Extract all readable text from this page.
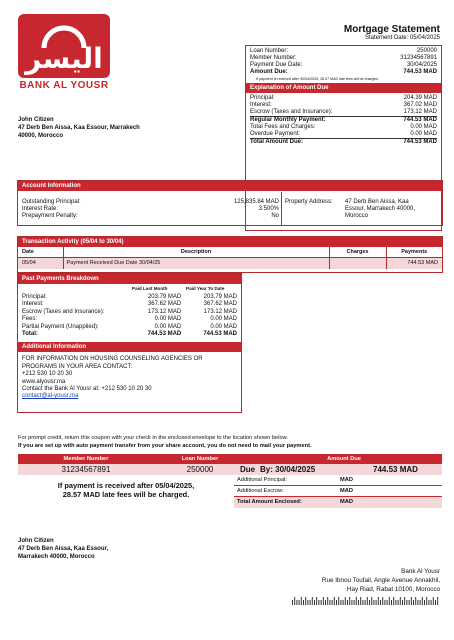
اليسر
BANK AL YOUSR
Mortgage Statement
Statement Date: 05/04/2025
Loan Number:	250000
Member Number:	31234567891
Payment Due Date:	30/04/2025
Amount Due:	744.53 MAD
If payment is received after 30/04/2025, 28.57 MAD late fees will be charged.
Explanation of Amount Due
Principal:	204.39 MAD
Interest:	367.02 MAD
Escrow (Taxes and Insurance):	173.12 MAD
Regular Monthly Payment:	744.53 MAD
Total Fees and Charges:	0.00 MAD
Overdue Payment:	0.00 MAD
Total Amount Due:	744.53 MAD
John Citizen
47 Derb Ben Aissa, Kaa Essour, Marrakech
40000, Morocco
Account Information
Outstanding Principal:	125,835.84 MAD
Interest Rate:	3.500%
Prepayment Penalty:	No
Property Address: 47 Derb Ben Aissa, Kaa
Essour, Marrakech 40000,
Morocco
Transaction Activity (05/04 to 30/04)
Date	Description	Charges	Payments
05/04	Payment Received Due Date 30/04/25		744.53 MAD
Past Payments Breakdown
Paid Last Month	Paid Year To Date
Principal:	203.79 MAD	203.79 MAD
Interest:	367.62 MAD	367.62 MAD
Escrow (Taxes and Insurance):	173.12 MAD	173.12 MAD
Fees:	0.00 MAD	0.00 MAD
Partial Payment (Unapplied):	0.00 MAD	0.00 MAD
Total:	744.53 MAD	744.53 MAD
Additional Information
FOR INFORMATION ON HOUSING COUNSELING AGENCIES OR
PROGRAMS IN YOUR AREA CONTACT:
+212 530 10 20 30
www.alyousr.ma
Contact the Bank Al Yousr at: +212 530 10 20 30
contact@al-yousr.ma
For prompt credit, return this coupon with your check in the enclosed envelope to the location shown below.
If you are set up with auto payment transfer from your share account, you do not need to mail your payment.
Member Number	Loan Number	Amount Due
31234567891	250000	Due By: 30/04/2025	744.53 MAD
If payment is received after 05/04/2025,
28.57 MAD late fees will be charged.
Additional Principal:	MAD
Additional Escrow:	MAD
Total Amount Enclosed:	MAD
John Citizen
47 Derb Ben Aissa, Kaa Essour,
Marrakech 40000, Morocco
Bank Al Yousr
Rue Ibnou Toufail, Angle Avenue Annakhil,
Hay Riad, Rabat 10100, Morocco
